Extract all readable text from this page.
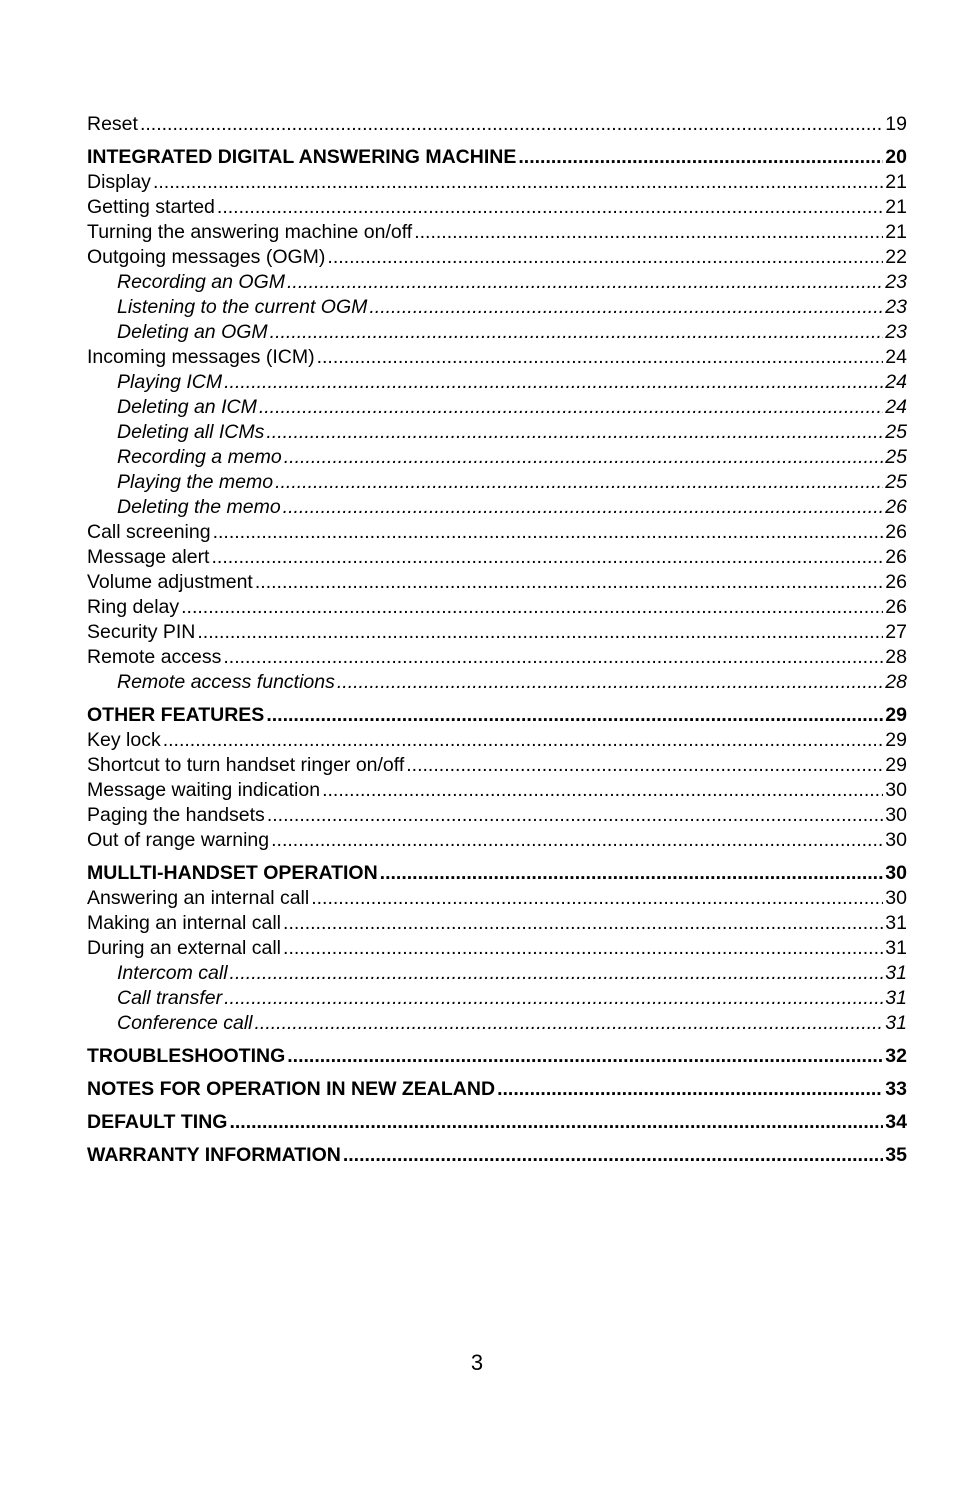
Reset .....	19
INTEGRATED DIGITAL ANSWERING MACHINE .....	20
Display .....	21
Getting started .....	21
Turning the answering machine on/off .....	21
Outgoing messages (OGM) .....	22
Recording an OGM .....	23
Listening to the current OGM .....	23
Deleting an OGM .....	23
Incoming messages (ICM) .....	24
Playing ICM .....	24
Deleting an ICM .....	24
Deleting all ICMs .....	25
Recording a memo .....	25
Playing the memo .....	25
Deleting the memo .....	26
Call screening .....	26
Message alert .....	26
Volume adjustment .....	26
Ring delay .....	26
Security PIN .....	27
Remote access .....	28
Remote access functions .....	28
OTHER FEATURES .....	29
Key lock .....	29
Shortcut to turn handset ringer on/off .....	29
Message waiting indication .....	30
Paging the handsets .....	30
Out of range warning .....	30
MULLTI-HANDSET OPERATION .....	30
Answering an internal call .....	30
Making an internal call .....	31
During an external call .....	31
Intercom call .....	31
Call transfer .....	31
Conference call .....	31
TROUBLESHOOTING .....	32
NOTES FOR OPERATION IN NEW ZEALAND .....	33
DEFAULT TING .....	34
WARRANTY INFORMATION .....	35
3
